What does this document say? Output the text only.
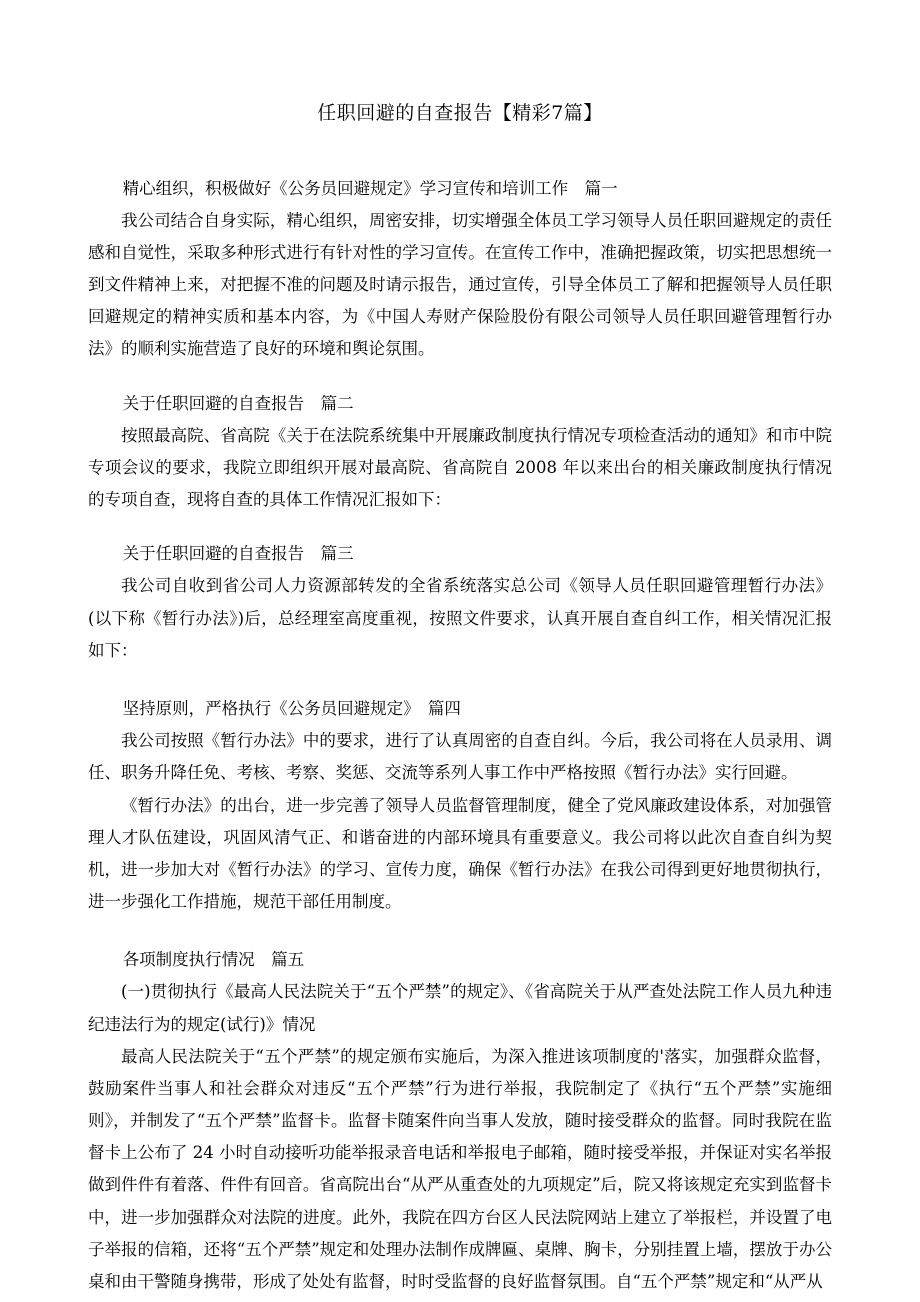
任职回避的自查报告【精彩7篇】

精心组织，积极做好《公务员回避规定》学习宣传和培训工作　篇一

我公司结合自身实际，精心组织，周密安排，切实增强全体员工学习领导人员任职回避规定的责任感和自觉性，采取多种形式进行有针对性的学习宣传。在宣传工作中，准确把握政策，切实把思想统一到文件精神上来，对把握不准的问题及时请示报告，通过宣传，引导全体员工了解和把握领导人员任职回避规定的精神实质和基本内容，为《中国人寿财产保险股份有限公司领导人员任职回避管理暂行办法》的顺利实施营造了良好的环境和舆论氛围。

关于任职回避的自查报告　篇二

按照最高院、省高院《关于在法院系统集中开展廉政制度执行情况专项检查活动的通知》和市中院专项会议的要求，我院立即组织开展对最高院、省高院自 2008 年以来出台的相关廉政制度执行情况的专项自查，现将自查的具体工作情况汇报如下：

关于任职回避的自查报告　篇三

我公司自收到省公司人力资源部转发的全省系统落实总公司《领导人员任职回避管理暂行办法》(以下称《暂行办法》)后，总经理室高度重视，按照文件要求，认真开展自查自纠工作，相关情况汇报如下：

坚持原则，严格执行《公务员回避规定》　篇四

我公司按照《暂行办法》中的要求，进行了认真周密的自查自纠。今后，我公司将在人员录用、调任、职务升降任免、考核、考察、奖惩、交流等系列人事工作中严格按照《暂行办法》实行回避。

《暂行办法》的出台，进一步完善了领导人员监督管理制度，健全了党风廉政建设体系，对加强管理人才队伍建设，巩固风清气正、和谐奋进的内部环境具有重要意义。我公司将以此次自查自纠为契机，进一步加大对《暂行办法》的学习、宣传力度，确保《暂行办法》在我公司得到更好地贯彻执行，进一步强化工作措施，规范干部任用制度。

各项制度执行情况　篇五

(一)贯彻执行《最高人民法院关于“五个严禁”的规定》、《省高院关于从严查处法院工作人员九种违纪违法行为的规定(试行)》情况

最高人民法院关于“五个严禁”的规定颁布实施后，为深入推进该项制度的'落实，加强群众监督，鼓励案件当事人和社会群众对违反“五个严禁”行为进行举报，我院制定了《执行“五个严禁”实施细则》，并制发了“五个严禁”监督卡。监督卡随案件向当事人发放，随时接受群众的监督。同时我院在监督卡上公布了 24 小时自动接听功能举报录音电话和举报电子邮箱，随时接受举报，并保证对实名举报做到件件有着落、件件有回音。省高院出台“从严从重查处的九项规定”后，院又将该规定充实到监督卡中，进一步加强群众对法院的进度。此外，我院在四方台区人民法院网站上建立了举报栏，并设置了电子举报的信箱，还将“五个严禁”规定和处理办法制作成牌匾、桌牌、胸卡，分别挂置上墙，摆放于办公桌和由干警随身携带，形成了处处有监督，时时受监督的良好监督氛围。自“五个严禁”规定和“从严从
